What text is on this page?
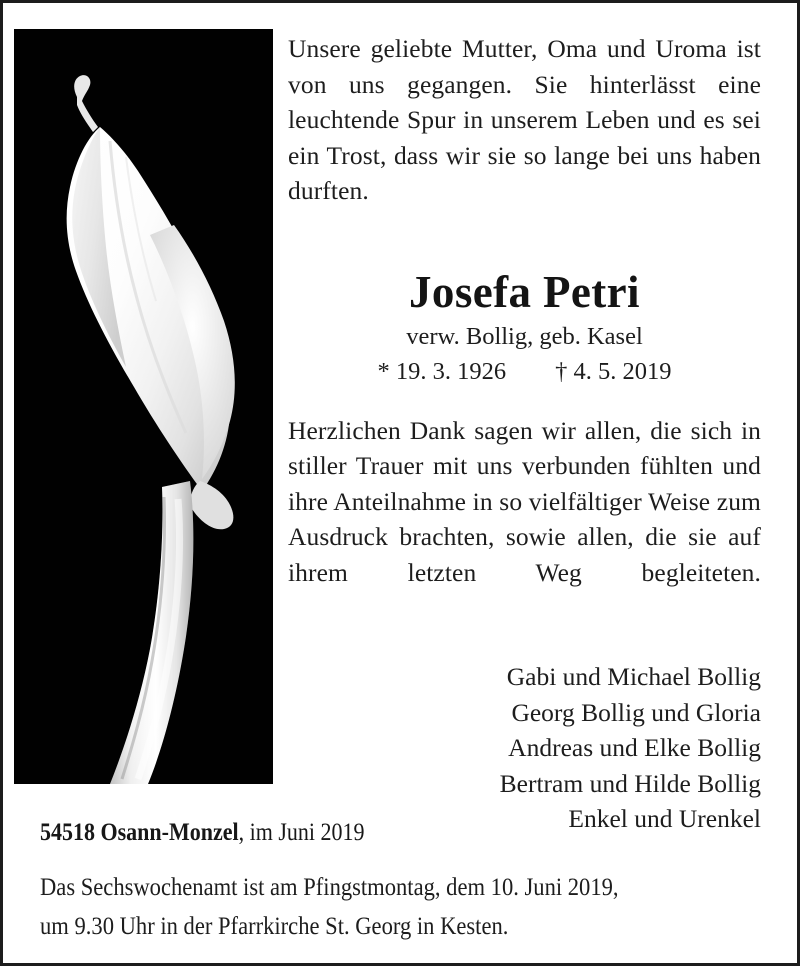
Unsere geliebte Mutter, Oma und Uroma ist von uns gegangen. Sie hinterlässt eine leuchtende Spur in unserem Leben und es sei ein Trost, dass wir sie so lange bei uns haben durften.

Josefa Petri
verw. Bollig, geb. Kasel
* 19. 3. 1926        † 4. 5. 2019

Herzlichen Dank sagen wir allen, die sich in stiller Trauer mit uns verbunden fühlten und ihre Anteilnahme in so vielfältiger Weise zum Ausdruck brachten, sowie allen, die sie auf ihrem letzten Weg begleiteten.

Gabi und Michael Bollig
Georg Bollig und Gloria
Andreas und Elke Bollig
Bertram und Hilde Bollig
Enkel und Urenkel
54518 Osann-Monzel, im Juni 2019
Das Sechswochenamt ist am Pfingstmontag, dem 10. Juni 2019,
um 9.30 Uhr in der Pfarrkirche St. Georg in Kesten.
